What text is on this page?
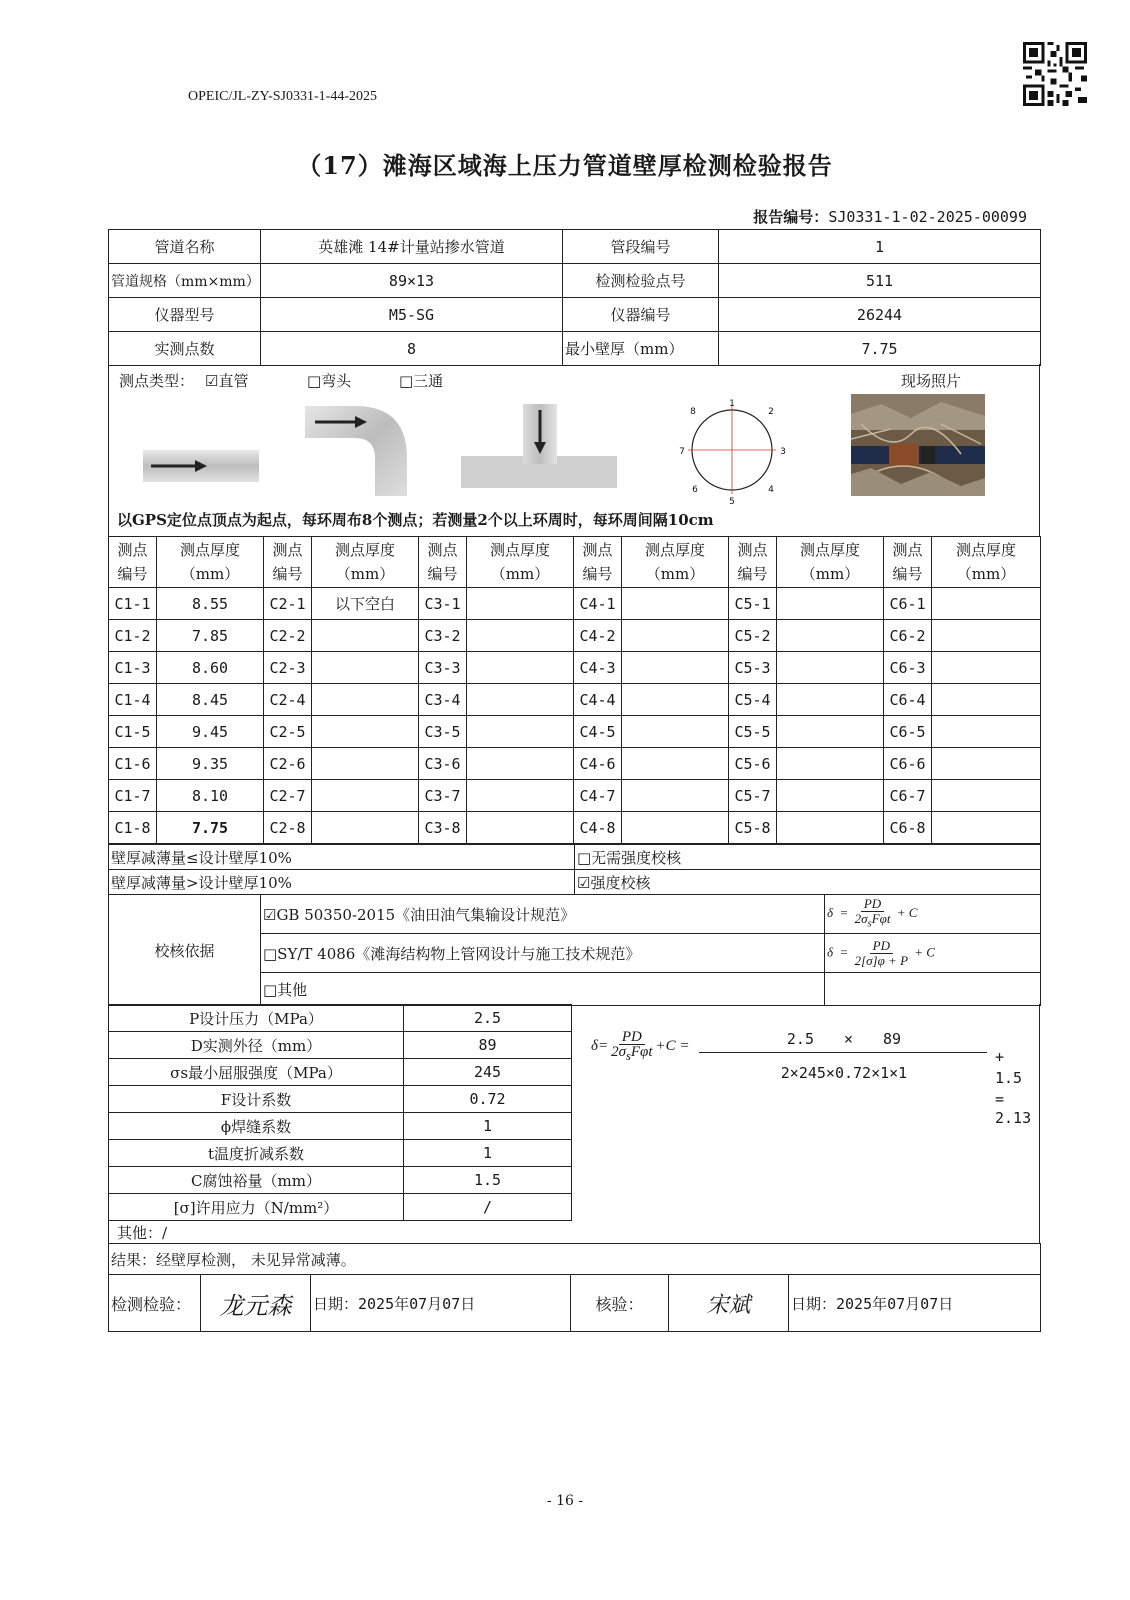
OPEIC/JL-ZY-SJ0331-1-44-2025
（17）滩海区域海上压力管道壁厚检测检验报告
报告编号：SJ0331-1-02-2025-00099
管道名称	英雄滩 14#计量站掺水管道	管段编号	1
管道规格（mm×mm）	89×13	检测检验点号	511
仪器型号	M5-SG	仪器编号	26244
实测点数	8	最小壁厚（mm）	7.75
测点类型： ☑直管	□弯头	□三通	现场照片
1
2
3
4
5
6
7
8
以GPS定位点顶点为起点，每环周布8个测点；若测量2个以上环周时，每环周间隔10cm
测点编号	测点厚度（mm）	测点编号	测点厚度（mm）	测点编号	测点厚度（mm）	测点编号	测点厚度（mm）	测点编号	测点厚度（mm）	测点编号	测点厚度（mm）
C1-1	8.55	C2-1	以下空白	C3-1		C4-1		C5-1		C6-1	
C1-2	7.85	C2-2		C3-2		C4-2		C5-2		C6-2	
C1-3	8.60	C2-3		C3-3		C4-3		C5-3		C6-3	
C1-4	8.45	C2-4		C3-4		C4-4		C5-4		C6-4	
C1-5	9.45	C2-5		C3-5		C4-5		C5-5		C6-5	
C1-6	9.35	C2-6		C3-6		C4-6		C5-6		C6-6	
C1-7	8.10	C2-7		C3-7		C4-7		C5-7		C6-7	
C1-8	7.75	C2-8		C3-8		C4-8		C5-8		C6-8	
壁厚减薄量≤设计壁厚10%	□无需强度校核
壁厚减薄量>设计壁厚10%	☑强度校核
校核依据	☑GB 50350-2015《油田油气集输设计规范》	$\delta = \frac{PD}{2\sigma_sF\varphi t} + C$
	□SY/T 4086《滩海结构物上管网设计与施工技术规范》	$\delta = \frac{PD}{2[\sigma]\varphi + P} + C$
	□其他	
P设计压力（MPa）	2.5
D实测外径（mm）	89
σs最小屈服强度（MPa）	245
F设计系数	0.72
ϕ焊缝系数	1
t温度折减系数	1
C腐蚀裕量（mm）	1.5
[σ]许用应力（N/mm²）	/
$\delta= \frac{PD}{2\sigma_sF\varphi t} +C$ =	2.5　　×　　89
2×245×0.72×1×1
+　1.5　=　2.13
其他：/
结果：经壁厚检测， 未见异常减薄。
检测检验：	龙元森	日期：2025年07月07日	核验：	宋斌	日期：2025年07月07日
- 16 -
